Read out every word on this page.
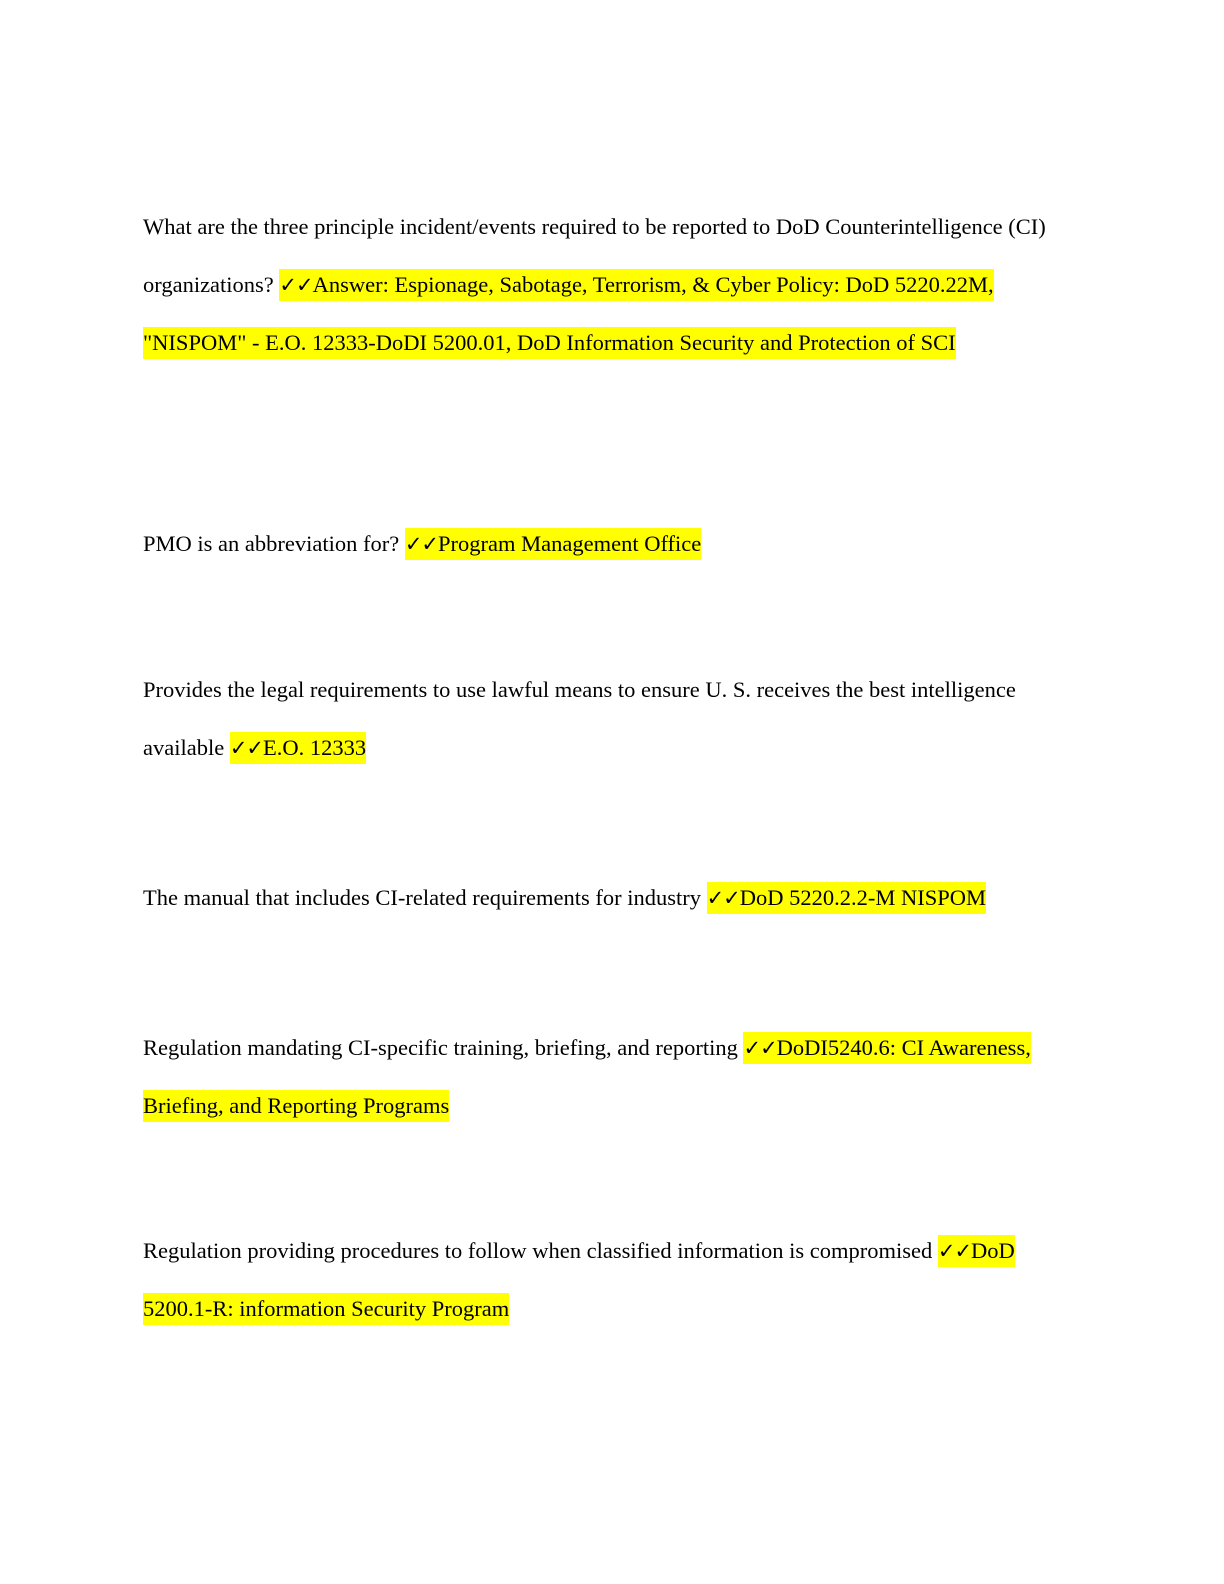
What are the three principle incident/events required to be reported to DoD Counterintelligence (CI) organizations? ✓✓Answer: Espionage, Sabotage, Terrorism, & Cyber Policy: DoD 5220.22M, "NISPOM" - E.O. 12333-DoDI 5200.01, DoD Information Security and Protection of SCI
PMO is an abbreviation for? ✓✓Program Management Office
Provides the legal requirements to use lawful means to ensure U. S. receives the best intelligence available ✓✓E.O. 12333
The manual that includes CI-related requirements for industry ✓✓DoD 5220.2.2-M NISPOM
Regulation mandating CI-specific training, briefing, and reporting ✓✓DoDI5240.6: CI Awareness, Briefing, and Reporting Programs
Regulation providing procedures to follow when classified information is compromised ✓✓DoD 5200.1-R: information Security Program
